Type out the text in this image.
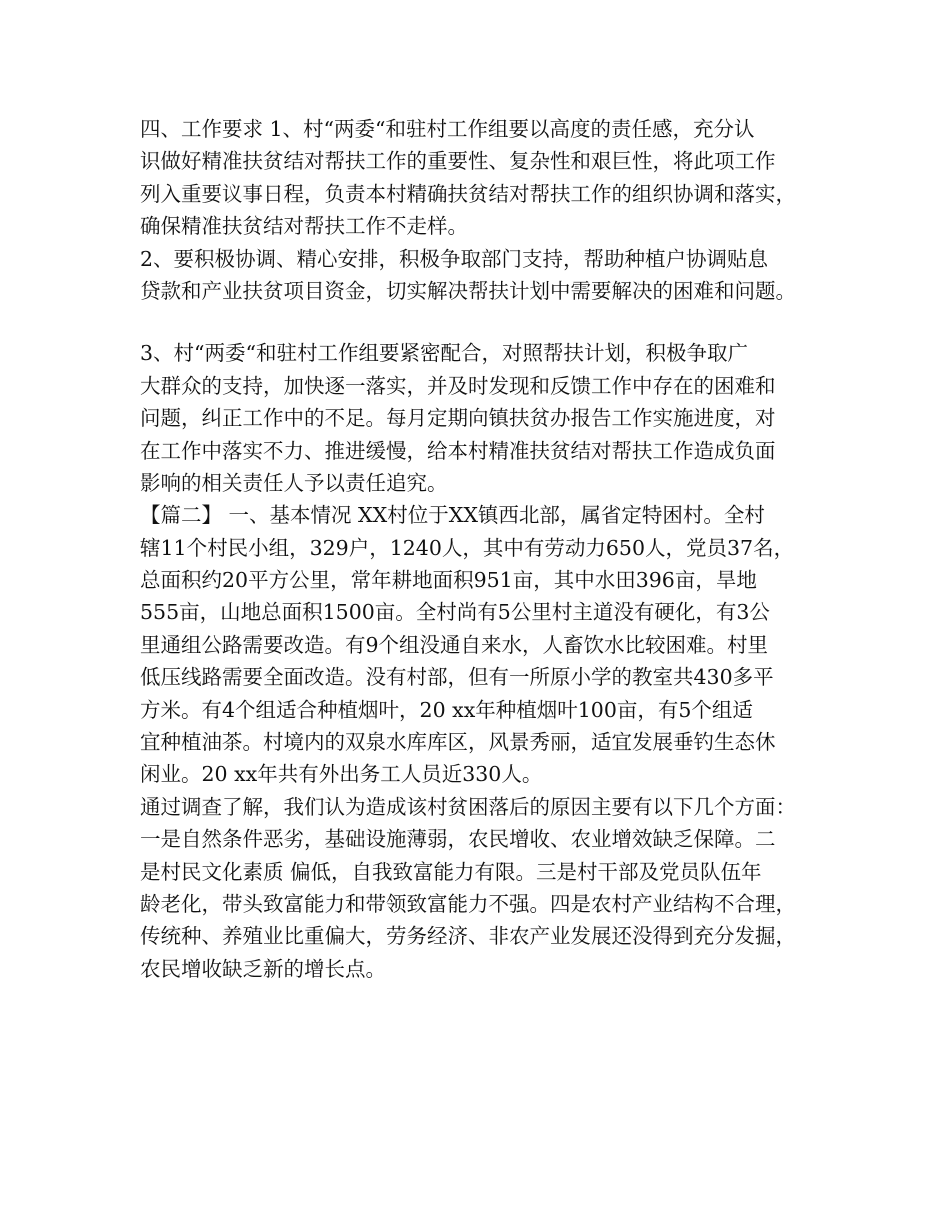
四、工作要求 1、村“两委“和驻村工作组要以高度的责任感，充分认
识做好精准扶贫结对帮扶工作的重要性、复杂性和艰巨性，将此项工作
列入重要议事日程，负责本村精确扶贫结对帮扶工作的组织协调和落实，
确保精准扶贫结对帮扶工作不走样。
2、要积极协调、精心安排，积极争取部门支持，帮助种植户协调贴息
贷款和产业扶贫项目资金，切实解决帮扶计划中需要解决的困难和问题。
3、村“两委“和驻村工作组要紧密配合，对照帮扶计划，积极争取广
大群众的支持，加快逐一落实，并及时发现和反馈工作中存在的困难和
问题，纠正工作中的不足。每月定期向镇扶贫办报告工作实施进度，对
在工作中落实不力、推进缓慢，给本村精准扶贫结对帮扶工作造成负面
影响的相关责任人予以责任追究。
【篇二】 一、基本情况 XX村位于XX镇西北部，属省定特困村。全村
辖11个村民小组，329户，1240人，其中有劳动力650人，党员37名，
总面积约20平方公里，常年耕地面积951亩，其中水田396亩，旱地
555亩，山地总面积1500亩。全村尚有5公里村主道没有硬化，有3公
里通组公路需要改造。有9个组没通自来水，人畜饮水比较困难。村里
低压线路需要全面改造。没有村部，但有一所原小学的教室共430多平
方米。有4个组适合种植烟叶，20 xx年种植烟叶100亩，有5个组适
宜种植油茶。村境内的双泉水库库区，风景秀丽，适宜发展垂钓生态休
闲业。20 xx年共有外出务工人员近330人。
通过调查了解，我们认为造成该村贫困落后的原因主要有以下几个方面：
一是自然条件恶劣，基础设施薄弱，农民增收、农业增效缺乏保障。二
是村民文化素质 偏低，自我致富能力有限。三是村干部及党员队伍年
龄老化，带头致富能力和带领致富能力不强。四是农村产业结构不合理，
传统种、养殖业比重偏大，劳务经济、非农产业发展还没得到充分发掘，
农民增收缺乏新的增长点。
